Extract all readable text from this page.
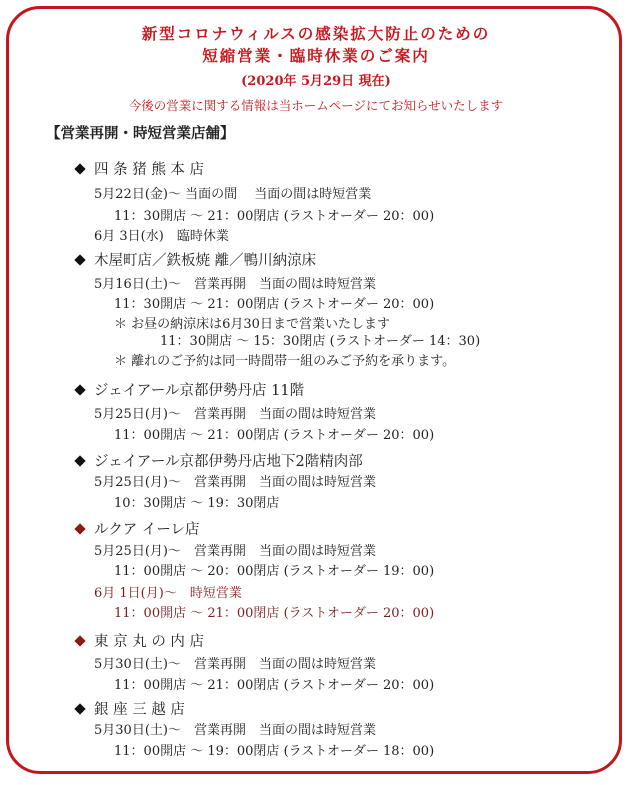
新型コロナウィルスの感染拡大防止のための
短縮営業・臨時休業のご案内
(2020年 5月29日 現在)
今後の営業に関する情報は当ホームページにてお知らせいたします
【営業再開・時短営業店舗】
四 条 猪 熊 本 店
5月22日(金)～ 当面の間　 当面の間は時短営業
11：30開店 ～ 21：00閉店 (ラストオーダー 20：00)
6月 3日(水)　臨時休業
木屋町店／鉄板焼 離／鴨川納涼床
5月16日(土)～　営業再開　当面の間は時短営業
11：30開店 ～ 21：00閉店 (ラストオーダー 20：00)
＊ お昼の納涼床は6月30日まで営業いたします
11：30開店 ～ 15：30閉店 (ラストオーダー 14：30)
＊ 離れのご予約は同一時間帯一組のみご予約を承ります。
ジェイアール京都伊勢丹店 11階
5月25日(月)～　営業再開　当面の間は時短営業
11：00開店 ～ 21：00閉店 (ラストオーダー 20：00)
ジェイアール京都伊勢丹店地下2階精肉部
5月25日(月)～　営業再開　当面の間は時短営業
10：30開店 ～ 19：30閉店
ルクア イーレ店
5月25日(月)～　営業再開　当面の間は時短営業
11：00開店 ～ 20：00閉店 (ラストオーダー 19：00)
6月 1日(月)～　時短営業
11：00開店 ～ 21：00閉店 (ラストオーダー 20：00)
東 京 丸 の 内 店
5月30日(土)～　営業再開　当面の間は時短営業
11：00開店 ～ 21：00閉店 (ラストオーダー 20：00)
銀 座 三 越 店
5月30日(土)～　営業再開　当面の間は時短営業
11：00開店 ～ 19：00閉店 (ラストオーダー 18：00)
